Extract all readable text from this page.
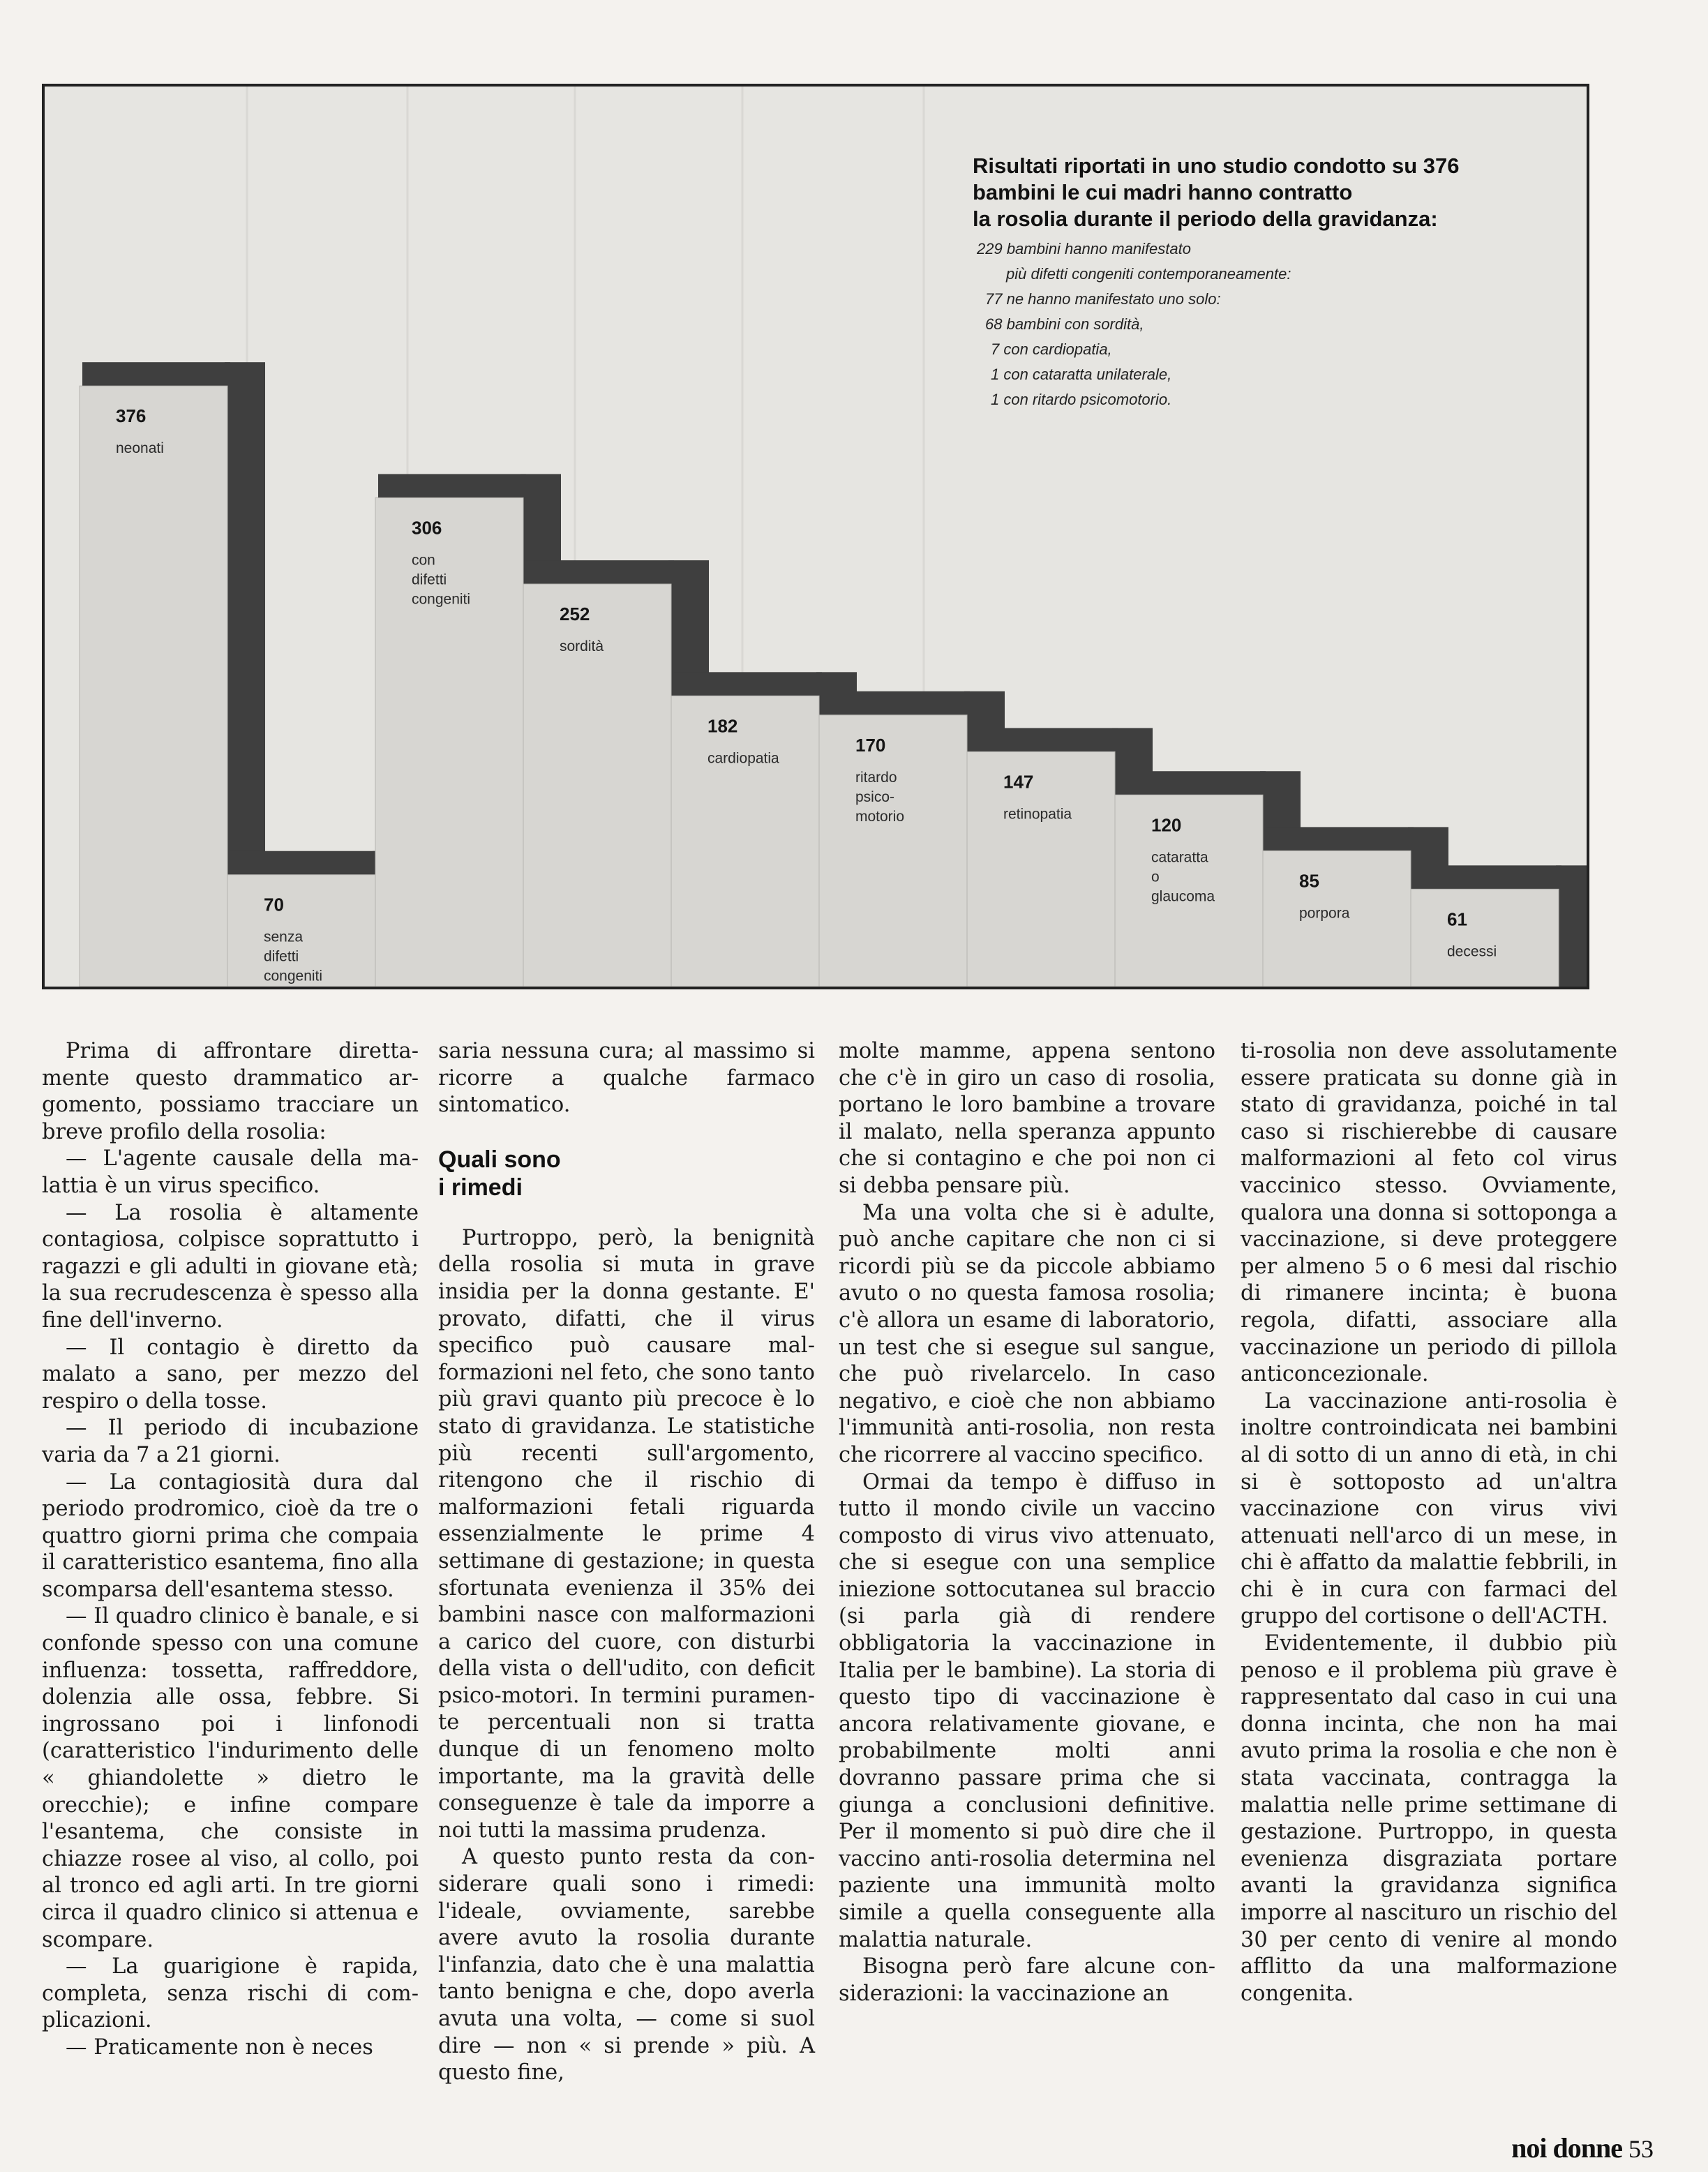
376
neonati
70
senza
difetti
congeniti
306
con
difetti
congeniti
252
sordità
182
cardiopatia
170
ritardo
psico-
motorio
147
retinopatia
120
cataratta
o
glaucoma
85
porpora	61
decessi
Risultati riportati in uno studio condotto su 376
bambini le cui madri hanno contratto
la rosolia durante il periodo della gravidanza:
229 bambini hanno manifestato
più difetti congeniti contemporaneamente:
77 ne hanno manifestato uno solo:
68 bambini con sordità,
7 con cardiopatia,
1 con cataratta unilaterale,
1 con ritardo psicomotorio.

Prima di affrontare direttamente questo drammatico argomento, possiamo tracciare un breve profilo della rosolia:

— L'agente causale della malattia è un virus specifico.

— La rosolia è altamente contagiosa, colpisce soprattutto i ragazzi e gli adulti in giovane età; la sua recrudescenza è spesso alla fine dell'inverno.

— Il contagio è diretto da malato a sano, per mezzo del respiro o della tosse.

— Il periodo di incubazione varia da 7 a 21 giorni.

— La contagiosità dura dal periodo prodromico, cioè da tre o quattro giorni prima che compaia il caratteristico esantema, fino alla scomparsa dell'esantema stesso.

— Il quadro clinico è banale, e si confonde spesso con una comune influenza: tossetta, raffreddore, dolenzia alle ossa, febbre. Si ingrossano poi i linfonodi (caratteristico l'indurimento delle « ghiandolette » dietro le orecchie); e infine compare l'esantema, che consiste in chiazze rosee al viso, al collo, poi al tronco ed agli arti. In tre giorni circa il quadro clinico si attenua e scompare.

— La guarigione è rapida, completa, senza rischi di complicazioni.

— Praticamente non è neces

saria nessuna cura; al massimo si ricorre a qualche farmaco sintomatico.

Quali sono
i rimedi

Purtroppo, però, la benignità della rosolia si muta in grave insidia per la donna gestante. E' provato, difatti, che il virus specifico può causare malformazioni nel feto, che sono tanto più gravi quanto più precoce è lo stato di gravidanza. Le statistiche più recenti sull'argomento, ritengono che il rischio di malformazioni fetali riguarda essenzialmente le prime 4 settimane di gestazione; in questa sfortunata evenienza il 35% dei bambini nasce con malformazioni a carico del cuore, con disturbi della vista o dell'udito, con deficit psico-motori. In termini puramente percentuali non si tratta dunque di un fenomeno molto importante, ma la gravità delle conseguenze è tale da imporre a noi tutti la massima prudenza.

A questo punto resta da considerare quali sono i rimedi: l'ideale, ovviamente, sarebbe avere avuto la rosolia durante l'infanzia, dato che è una malattia tanto benigna e che, dopo averla avuta una volta, — come si suol dire — non « si prende » più. A questo fine,

molte mamme, appena sentono che c'è in giro un caso di rosolia, portano le loro bambine a trovare il malato, nella speranza appunto che si contagino e che poi non ci si debba pensare più.

Ma una volta che si è adulte, può anche capitare che non ci si ricordi più se da piccole abbiamo avuto o no questa famosa rosolia; c'è allora un esame di laboratorio, un test che si esegue sul sangue, che può rivelarcelo. In caso negativo, e cioè che non abbiamo l'immunità anti-rosolia, non resta che ricorrere al vaccino specifico.

Ormai da tempo è diffuso in tutto il mondo civile un vaccino composto di virus vivo attenuato, che si esegue con una semplice iniezione sottocutanea sul braccio (si parla già di rendere obbligatoria la vaccinazione in Italia per le bambine). La storia di questo tipo di vaccinazione è ancora relativamente giovane, e probabilmente molti anni dovranno passare prima che si giunga a conclusioni definitive. Per il momento si può dire che il vaccino anti-rosolia determina nel paziente una immunità molto simile a quella conseguente alla malattia naturale.

Bisogna però fare alcune considerazioni: la vaccinazione an

ti-rosolia non deve assolutamente essere praticata su donne già in stato di gravidanza, poiché in tal caso si rischierebbe di causare malformazioni al feto col virus vaccinico stesso. Ovviamente, qualora una donna si sottoponga a vaccinazione, si deve proteggere per almeno 5 o 6 mesi dal rischio di rimanere incinta; è buona regola, difatti, associare alla vaccinazione un periodo di pillola anticoncezionale.

La vaccinazione anti-rosolia è inoltre controindicata nei bambini al di sotto di un anno di età, in chi si è sottoposto ad un'altra vaccinazione con virus vivi attenuati nell'arco di un mese, in chi è affatto da malattie febbrili, in chi è in cura con farmaci del gruppo del cortisone o dell'ACTH.

Evidentemente, il dubbio più penoso e il problema più grave è rappresentato dal caso in cui una donna incinta, che non ha mai avuto prima la rosolia e che non è stata vaccinata, contragga la malattia nelle prime settimane di gestazione. Purtroppo, in questa evenienza disgraziata portare avanti la gravidanza significa imporre al nascituro un rischio del 30 per cento di venire al mondo afflitto da una malformazione congenita.

noi donne 53
